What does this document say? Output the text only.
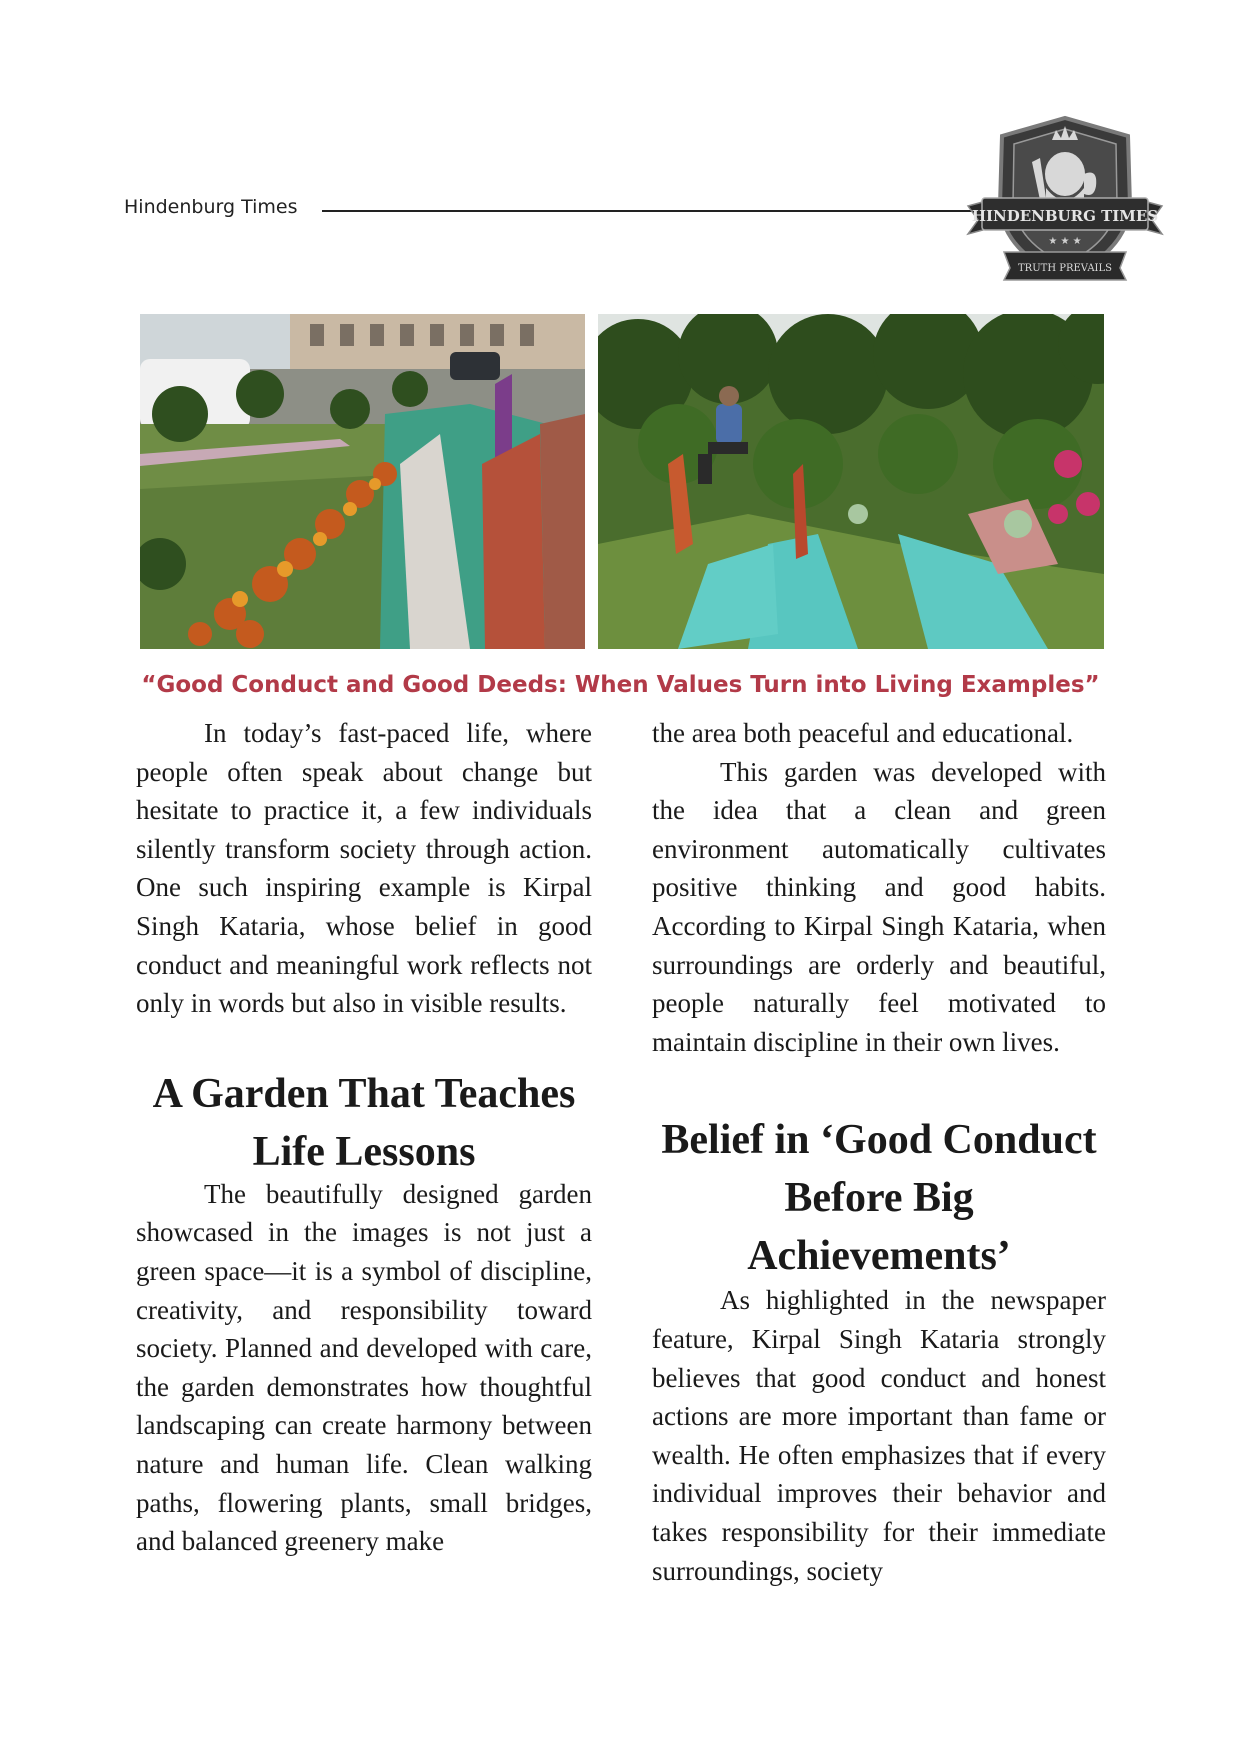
Hindenburg Times	HINDENBURG TIMES
★ ★ ★
TRUTH PREVAILS
“Good Conduct and Good Deeds: When Values Turn into Living Examples”

In today’s fast-paced life, where people often speak about change but hesitate to practice it, a few individuals silently transform society through action. One such inspiring example is Kirpal Singh Kataria, whose belief in good conduct and meaningful work reflects not only in words but also in visible results.

A Garden That Teaches Life Lessons

The beautifully designed garden showcased in the images is not just a green space—it is a symbol of discipline, creativity, and responsibility toward society. Planned and developed with care, the garden demonstrates how thoughtful landscaping can create harmony between nature and human life. Clean walking paths, flowering plants, small bridges, and balanced greenery make

the area both peaceful and educational.

This garden was developed with the idea that a clean and green environment automatically cultivates positive thinking and good habits. According to Kirpal Singh Kataria, when surroundings are orderly and beautiful, people naturally feel motivated to maintain discipline in their own lives.

Belief in ‘Good Conduct Before Big Achievements’

As highlighted in the newspaper feature, Kirpal Singh Kataria strongly believes that good conduct and honest actions are more important than fame or wealth. He often emphasizes that if every individual improves their behavior and takes responsibility for their immediate surroundings, society
